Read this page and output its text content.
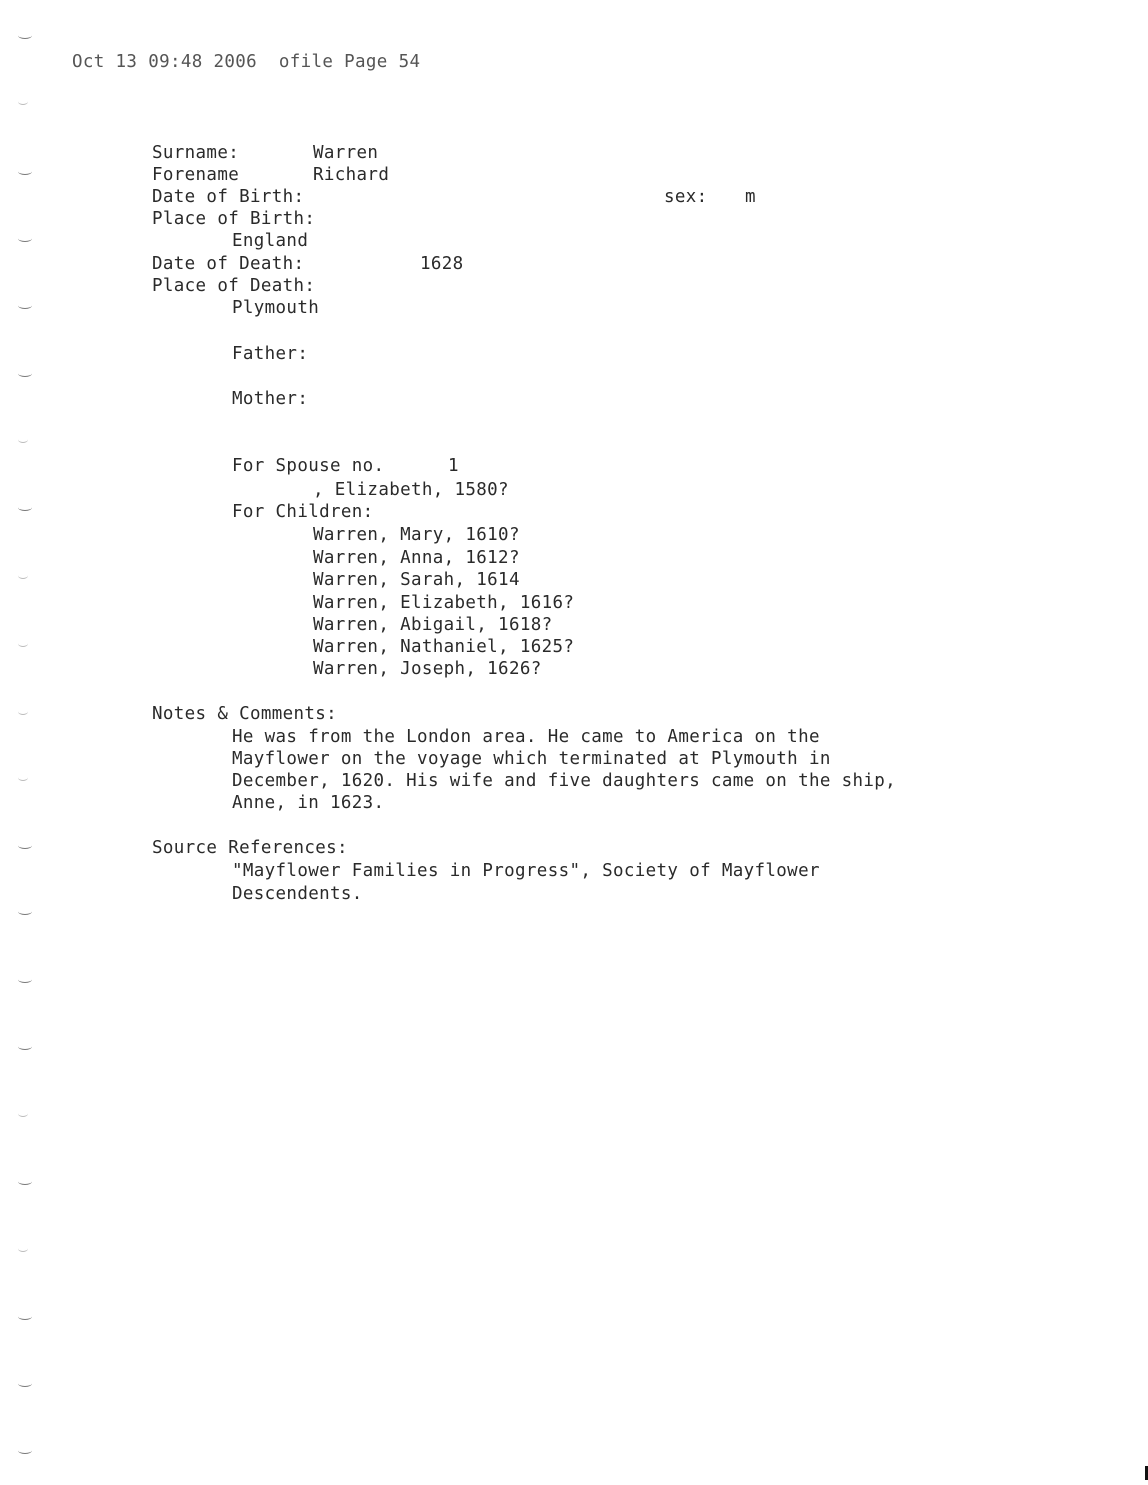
Oct 13 09:48 2006  ofile Page 54
Surname:	Warren
Forename	Richard
Date of Birth:	sex: m
Place of Birth:
England
Date of Death:	1628
Place of Death:
Plymouth
Father:
Mother:
For Spouse no.	1
, Elizabeth, 1580?
For Children:
Warren, Mary, 1610?
Warren, Anna, 1612?
Warren, Sarah, 1614
Warren, Elizabeth, 1616?
Warren, Abigail, 1618?
Warren, Nathaniel, 1625?
Warren, Joseph, 1626?
Notes & Comments:
He was from the London area. He came to America on the
Mayflower on the voyage which terminated at Plymouth in
December, 1620. His wife and five daughters came on the ship,
Anne, in 1623.
Source References:
"Mayflower Families in Progress", Society of Mayflower
Descendents.
